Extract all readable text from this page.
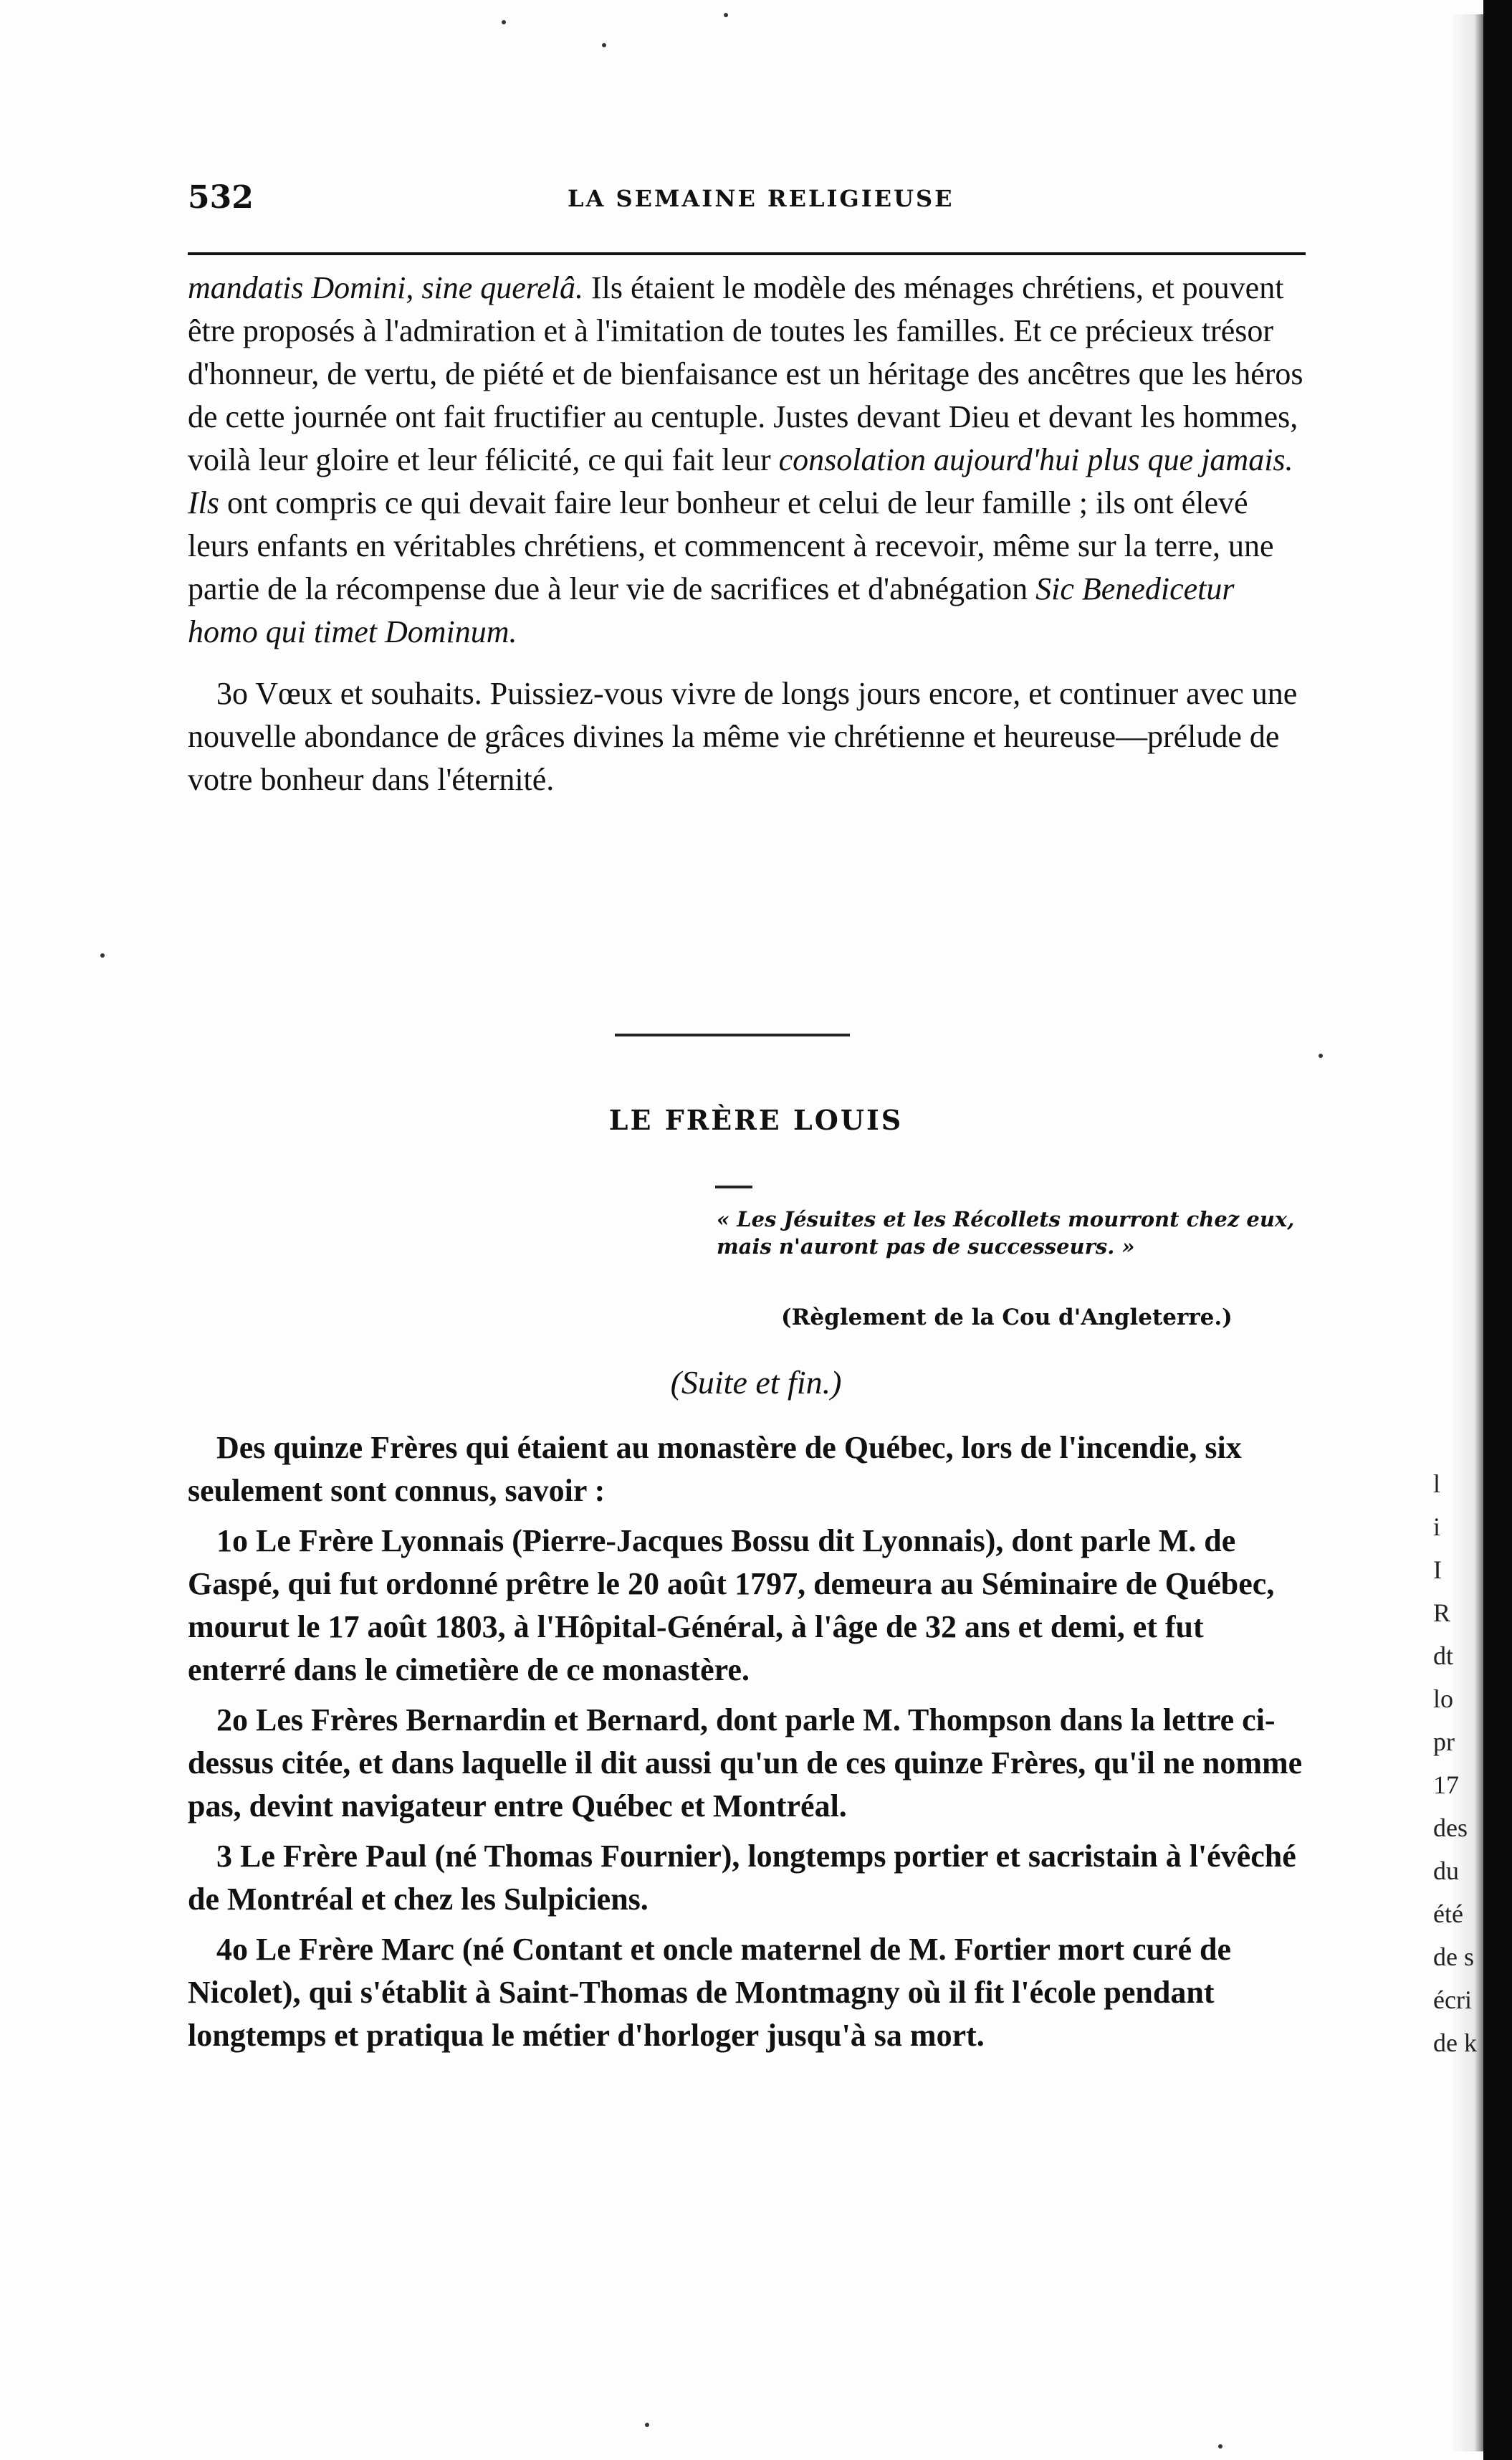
532	LA SEMAINE RELIGIEUSE

mandatis Domini, sine querelâ. Ils étaient le modèle des ménages chrétiens, et pouvent être proposés à l'admiration et à l'imitation de toutes les familles. Et ce précieux trésor d'honneur, de vertu, de piété et de bienfaisance est un héritage des ancêtres que les héros de cette journée ont fait fructifier au centuple. Justes devant Dieu et devant les hommes, voilà leur gloire et leur félicité, ce qui fait leur consolation aujourd'hui plus que jamais. Ils ont compris ce qui devait faire leur bonheur et celui de leur famille ; ils ont élevé leurs enfants en véritables chrétiens, et commencent à recevoir, même sur la terre, une partie de la récompense due à leur vie de sacrifices et d'abnégation Sic Benedicetur homo qui timet Dominum.

3o Vœux et souhaits. Puissiez-vous vivre de longs jours encore, et continuer avec une nouvelle abondance de grâces divines la même vie chrétienne et heureuse—prélude de votre bonheur dans l'éternité.

LE FRÈRE LOUIS
« Les Jésuites et les Récollets mourront chez eux, mais n'auront pas de successeurs. »
(Règlement de la Cou d'Angleterre.)
(Suite et fin.)

Des quinze Frères qui étaient au monastère de Québec, lors de l'incendie, six seulement sont connus, savoir :

1o Le Frère Lyonnais (Pierre-Jacques Bossu dit Lyonnais), dont parle M. de Gaspé, qui fut ordonné prêtre le 20 août 1797, demeura au Séminaire de Québec, mourut le 17 août 1803, à l'Hôpital-Général, à l'âge de 32 ans et demi, et fut enterré dans le cimetière de ce monastère.

2o Les Frères Bernardin et Bernard, dont parle M. Thompson dans la lettre ci-dessus citée, et dans laquelle il dit aussi qu'un de ces quinze Frères, qu'il ne nomme pas, devint navigateur entre Québec et Montréal.

3 Le Frère Paul (né Thomas Fournier), longtemps portier et sacristain à l'évêché de Montréal et chez les Sulpiciens.

4o Le Frère Marc (né Contant et oncle maternel de M. Fortier mort curé de Nicolet), qui s'établit à Saint-Thomas de Montmagny où il fit l'école pendant longtemps et pratiqua le métier d'horloger jusqu'à sa mort.

l
i
I
R
dt
lo
pr
17
des
du
été
de s
écri
de k
